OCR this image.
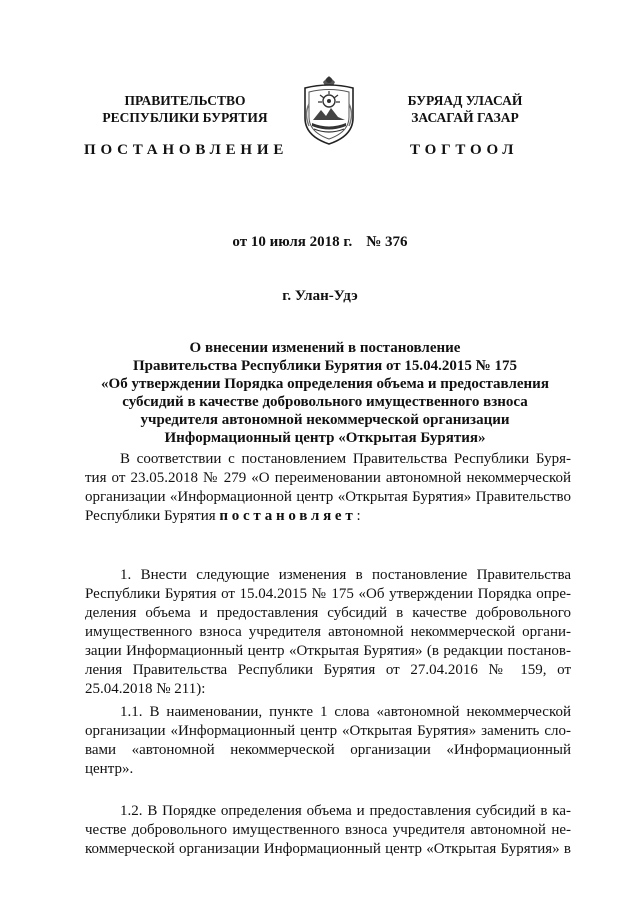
ПРАВИТЕЛЬСТВО
РЕСПУБЛИКИ БУРЯТИЯ
БУРЯАД УЛАСАЙ
ЗАСАГАЙ ГАЗАР
ПОСТАНОВЛЕНИЕ	ТОГТООЛ
от 10 июля 2018 г. № 376
г. Улан-Удэ
О внесении изменений в постановление
Правительства Республики Бурятия от 15.04.2015 № 175
«Об утверждении Порядка определения объема и предоставления
субсидий в качестве добровольного имущественного взноса
учредителя автономной некоммерческой организации
Информационный центр «Открытая Бурятия»
В соответствии с постановлением Правительства Республики Буря-
тия от 23.05.2018 № 279 «О переименовании автономной некоммерческой
организации «Информационной центр «Открытая Бурятия» Правительство
Республики Бурятия постановляет:
1. Внести следующие изменения в постановление Правительства
Республики Бурятия от 15.04.2015 № 175 «Об утверждении Порядка опре-
деления объема и предоставления субсидий в качестве добровольного
имущественного взноса учредителя автономной некоммерческой органи-
зации Информационный центр «Открытая Бурятия» (в редакции постанов-
ления Правительства Республики Бурятия от 27.04.2016 № 159, от
25.04.2018 № 211):
1.1. В наименовании, пункте 1 слова «автономной некоммерческой
организации «Информационный центр «Открытая Бурятия» заменить сло-
вами «автономной некоммерческой организации «Информационный
центр».
1.2. В Порядке определения объема и предоставления субсидий в ка-
честве добровольного имущественного взноса учредителя автономной не-
коммерческой организации Информационный центр «Открытая Бурятия» в
